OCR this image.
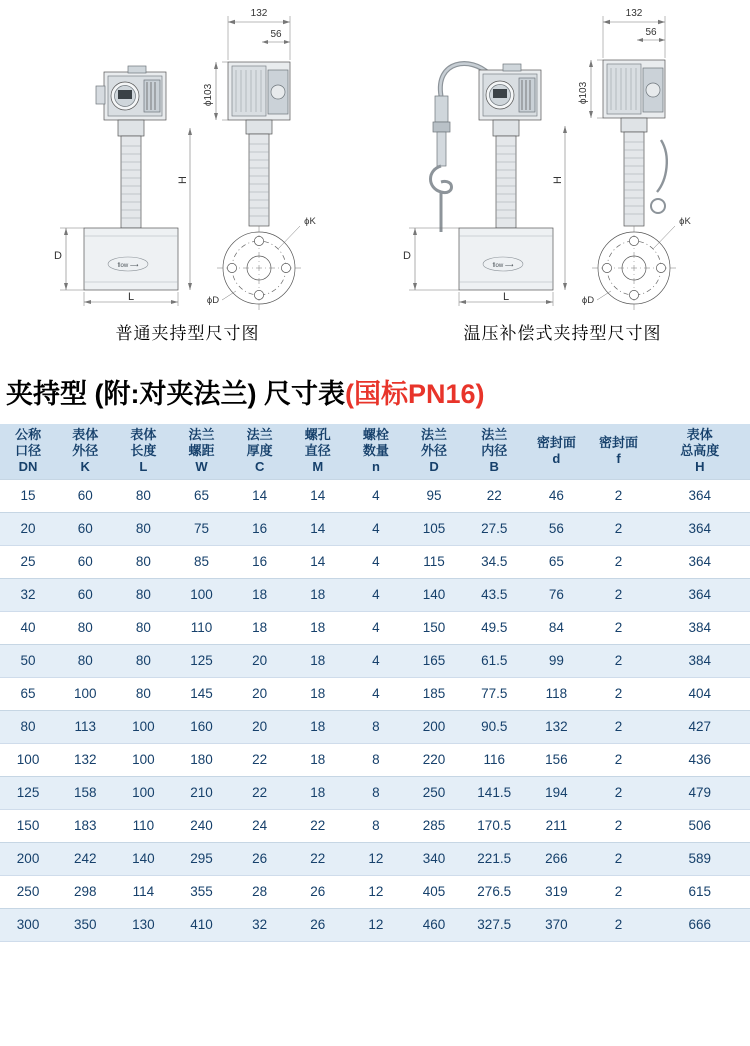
flow ⟶
132
56
ϕ103
H
D
L
ϕK
ϕD
普通夹持型尺寸图
flow ⟶
132
56
ϕ103
H
D
L
ϕK
ϕD
温压补偿式夹持型尺寸图
夹持型 (附:对夹法兰) 尺寸表(国标PN16)
公称
口径
DN

表体
外径
K

表体
长度
L

法兰
螺距
W

法兰
厚度
C

螺孔
直径
M

螺栓
数量
n

法兰
外径
D

法兰
内径
B

密封面
d

密封面
f

表体
总高度
H

15	60	80	65	14	14	4	95	22	46	2	364
20	60	80	75	16	14	4	105	27.5	56	2	364
25	60	80	85	16	14	4	115	34.5	65	2	364
32	60	80	100	18	18	4	140	43.5	76	2	364
40	80	80	110	18	18	4	150	49.5	84	2	384
50	80	80	125	20	18	4	165	61.5	99	2	384
65	100	80	145	20	18	4	185	77.5	118	2	404
80	113	100	160	20	18	8	200	90.5	132	2	427
100	132	100	180	22	18	8	220	116	156	2	436
125	158	100	210	22	18	8	250	141.5	194	2	479
150	183	110	240	24	22	8	285	170.5	211	2	506
200	242	140	295	26	22	12	340	221.5	266	2	589
250	298	114	355	28	26	12	405	276.5	319	2	615
300	350	130	410	32	26	12	460	327.5	370	2	666
